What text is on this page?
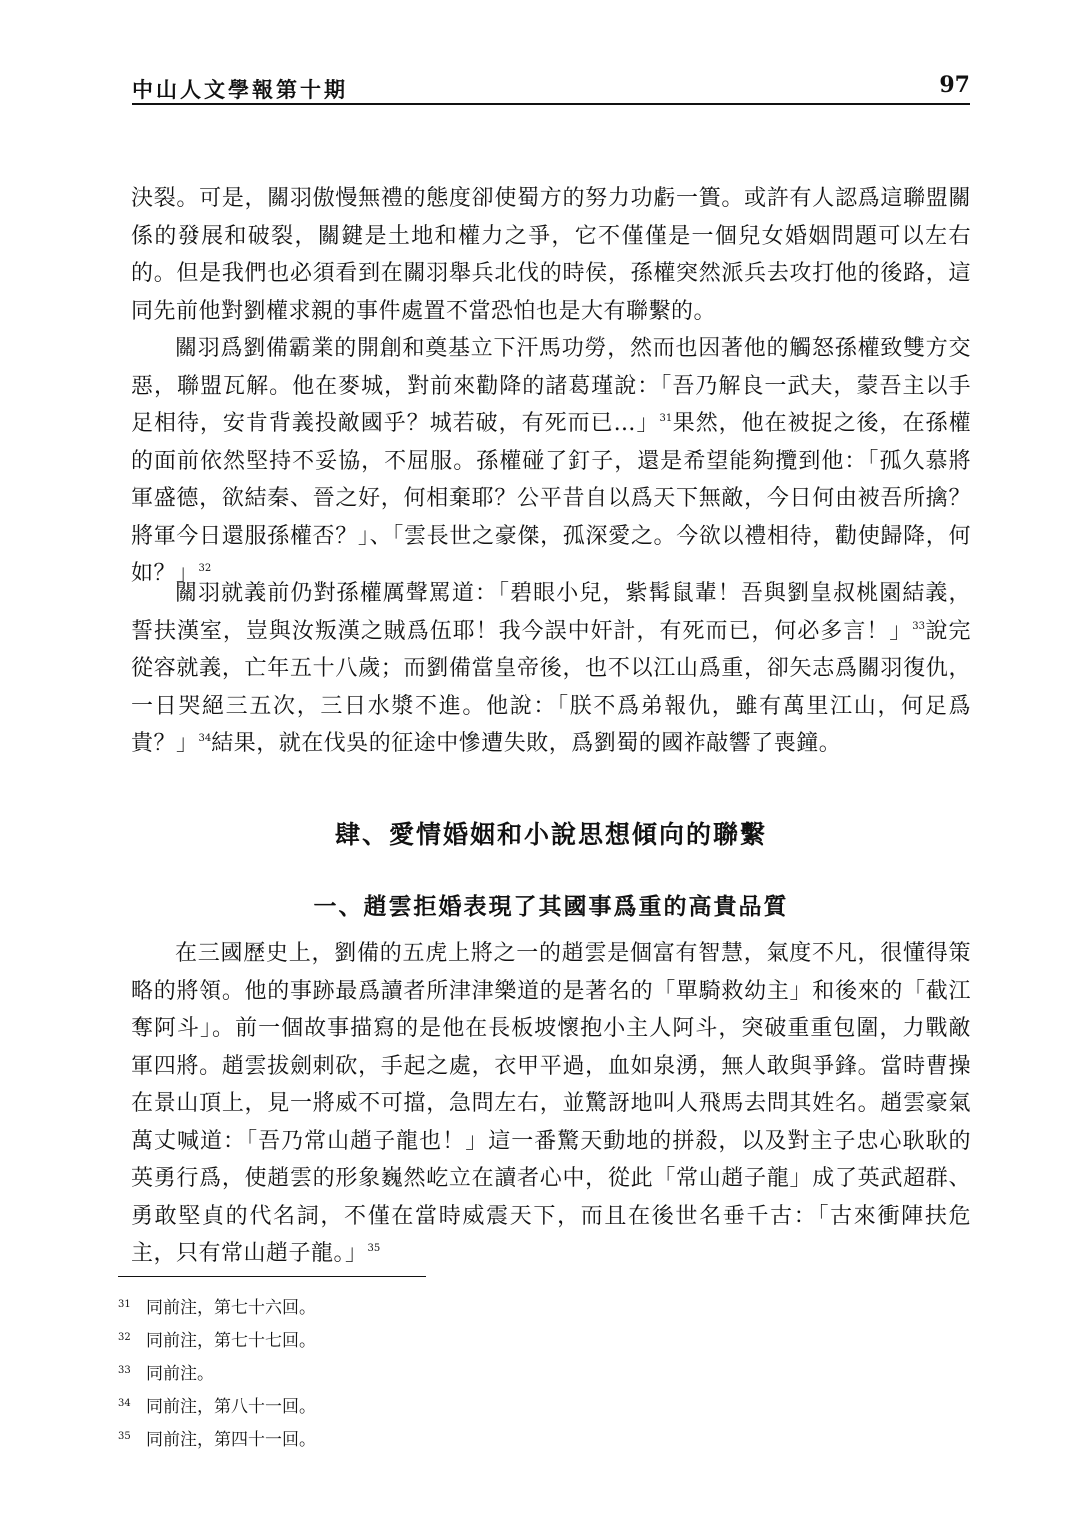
中山人文學報第十期	97

決裂。可是，關羽傲慢無禮的態度卻使蜀方的努力功虧一簣。或許有人認爲這聯盟關係的發展和破裂，關鍵是土地和權力之爭，它不僅僅是一個兒女婚姻問題可以左右的。但是我們也必須看到在關羽舉兵北伐的時侯，孫權突然派兵去攻打他的後路，這同先前他對劉權求親的事件處置不當恐怕也是大有聯繫的。

關羽爲劉備霸業的開創和奠基立下汗馬功勞，然而也因著他的觸怒孫權致雙方交惡，聯盟瓦解。他在麥城，對前來勸降的諸葛瑾說：「吾乃解良一武夫，蒙吾主以手足相待，安肯背義投敵國乎？城若破，有死而已…」$^{31}$果然，他在被捉之後，在孫權的面前依然堅持不妥協，不屈服。孫權碰了釘子，還是希望能夠攬到他：「孤久慕將軍盛德，欲結秦、晉之好，何相棄耶？公平昔自以爲天下無敵，今日何由被吾所擒？將軍今日還服孫權否？」、「雲長世之豪傑，孤深愛之。今欲以禮相待，勸使歸降，何如？」$^{32}$

關羽就義前仍對孫權厲聲罵道：「碧眼小兒，紫髯鼠輩！吾與劉皇叔桃園結義，誓扶漢室，豈與汝叛漢之賊爲伍耶！我今誤中奸計，有死而已，何必多言！」$^{33}$說完從容就義，亡年五十八歲；而劉備當皇帝後，也不以江山爲重，卻矢志爲關羽復仇，一日哭絕三五次，三日水漿不進。他說：「朕不爲弟報仇，雖有萬里江山，何足爲貴？」$^{34}$結果，就在伐吳的征途中慘遭失敗，爲劉蜀的國祚敲響了喪鐘。

肆、愛情婚姻和小說思想傾向的聯繫
一、趙雲拒婚表現了其國事爲重的高貴品質

在三國歷史上，劉備的五虎上將之一的趙雲是個富有智慧，氣度不凡，很懂得策略的將領。他的事跡最爲讀者所津津樂道的是著名的「單騎救幼主」和後來的「截江奪阿斗」。前一個故事描寫的是他在長板坡懷抱小主人阿斗，突破重重包圍，力戰敵軍四將。趙雲拔劍刺砍，手起之處，衣甲平過，血如泉湧，無人敢與爭鋒。當時曹操在景山頂上，見一將威不可擋，急問左右，並驚訝地叫人飛馬去問其姓名。趙雲豪氣萬丈喊道：「吾乃常山趙子龍也！」這一番驚天動地的拼殺，以及對主子忠心耿耿的英勇行爲，使趙雲的形象巍然屹立在讀者心中，從此「常山趙子龍」成了英武超群、勇敢堅貞的代名詞，不僅在當時威震天下，而且在後世名垂千古：「古來衝陣扶危主，只有常山趙子龍。」$^{35}$

31 同前注，第七十六回。
32 同前注，第七十七回。
33 同前注。
34 同前注，第八十一回。
35 同前注，第四十一回。
